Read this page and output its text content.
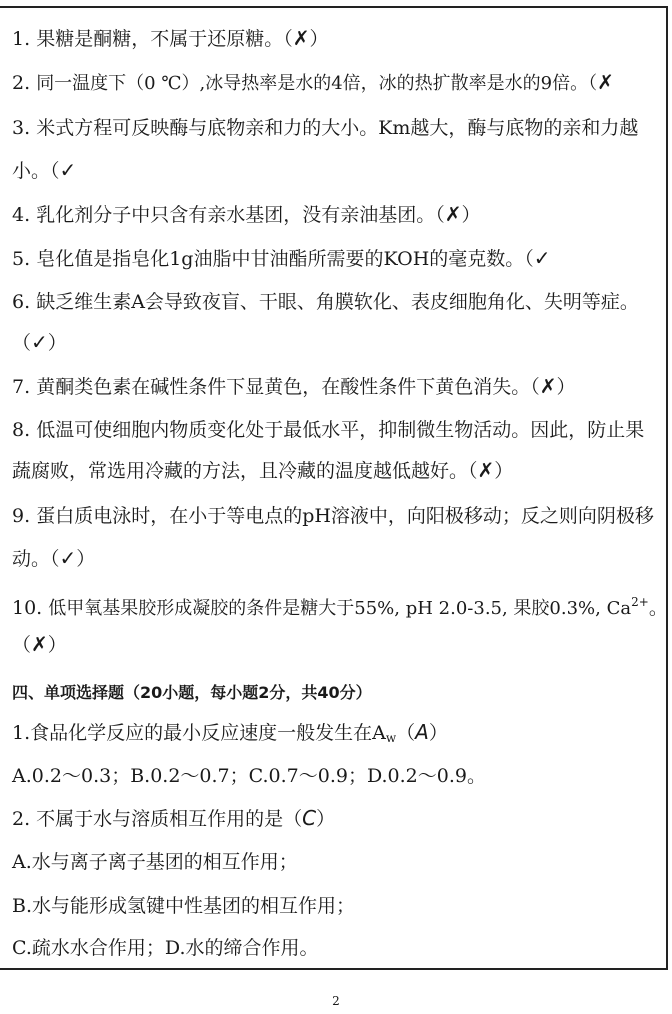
1. 果糖是酮糖，不属于还原糖。（✗）
2. 同一温度下（0 ℃）,冰导热率是水的4倍，冰的热扩散率是水的9倍。（✗
3. 米式方程可反映酶与底物亲和力的大小。Km越大，酶与底物的亲和力越
小。（✓
4. 乳化剂分子中只含有亲水基团，没有亲油基团。（✗）
5. 皂化值是指皂化1g油脂中甘油酯所需要的KOH的毫克数。（✓
6. 缺乏维生素A会导致夜盲、干眼、角膜软化、表皮细胞角化、失明等症。
（✓）
7. 黄酮类色素在碱性条件下显黄色，在酸性条件下黄色消失。（✗）
8. 低温可使细胞内物质变化处于最低水平，抑制微生物活动。因此，防止果
蔬腐败，常选用冷藏的方法，且冷藏的温度越低越好。（✗）
9. 蛋白质电泳时，在小于等电点的pH溶液中，向阳极移动；反之则向阴极移
动。（✓）
10. 低甲氧基果胶形成凝胶的条件是糖大于55%, pH 2.0-3.5, 果胶0.3%, $Ca^{2+}$。
（✗）
四、单项选择题（20小题，每小题2分，共40分）
1.食品化学反应的最小反应速度一般发生在$A_w(A)$
A.0.2～0.3；B.0.2～0.7；C.0.7～0.9；D.0.2～0.9。
2. 不属于水与溶质相互作用的是（C）
A.水与离子离子基团的相互作用；
B.水与能形成氢键中性基团的相互作用；
C.疏水水合作用；D.水的缔合作用。
2
